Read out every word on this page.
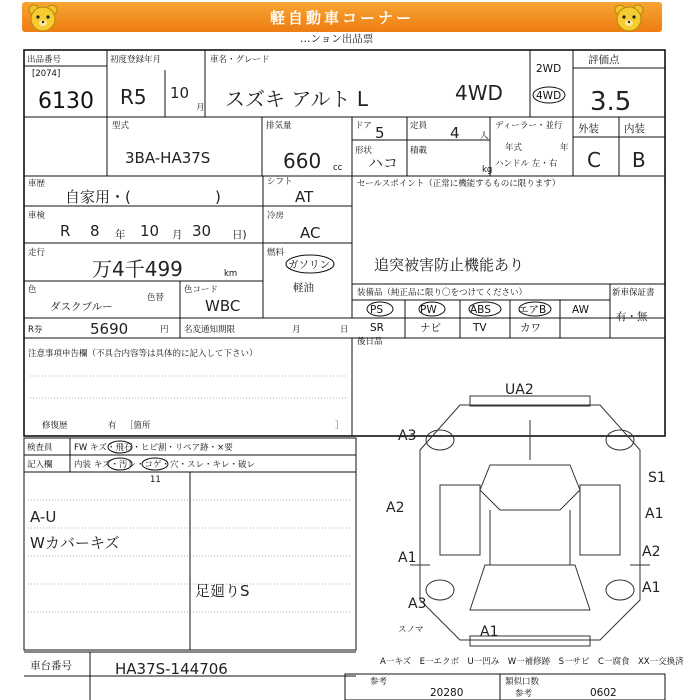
軽自動車コーナー
…ンョン出品票
出品番号
[2074]
6130
初度登録年月
R5 10
月
車名・グレード
スズキ アルト L	4WD
2WD
4WD
評価点
3.5
型式
3BA-HA37S
排気量
660 cc
ドア 5	定員 4 人
形状
ハコ
積載
kg
ディーラー・並行
年式	年
ハンドル 左・右
外装 内装
C B
車歴
自家用・(	)
シフト
AT
車検
R 8 年 10 月 30 日)
冷房
AC
走行
万4千499	km
燃料
ガソリン
軽油
色
ダスクブルー
色替
色コード
WBC
セールスポイント（正常に機能するものに限ります）
追突被害防止機能あり
装備品（純正品に限り〇をつけてください）
PS	PW	ABS	エアB AW
SR	ナビ	TV	カワ
新車保証書
有・無
R券	5690	円 名変通知期限	月	日
後日品
注意事項申告欄（不具合内容等は具体的に記入して下さい）
修復歴	有 ［箇所	］
検査員
記入欄
FW キズ・飛石・ヒビ割・リペア跡・×要
内装 キズ・汚レ・コゲ・穴・スレ・キレ・破レ
11
A-U
Wカバーキズ
足廻りS
UA2
A3
S1
A2	A1
A1	A2
A1
A3
A1
スノマ
A一キズ　E一エクボ　U一凹み　W一補修跡　S一サビ　C一腐食　XX一交換済
車台番号	HA37S-144706
参考
20280
類似口数
参考	0602
